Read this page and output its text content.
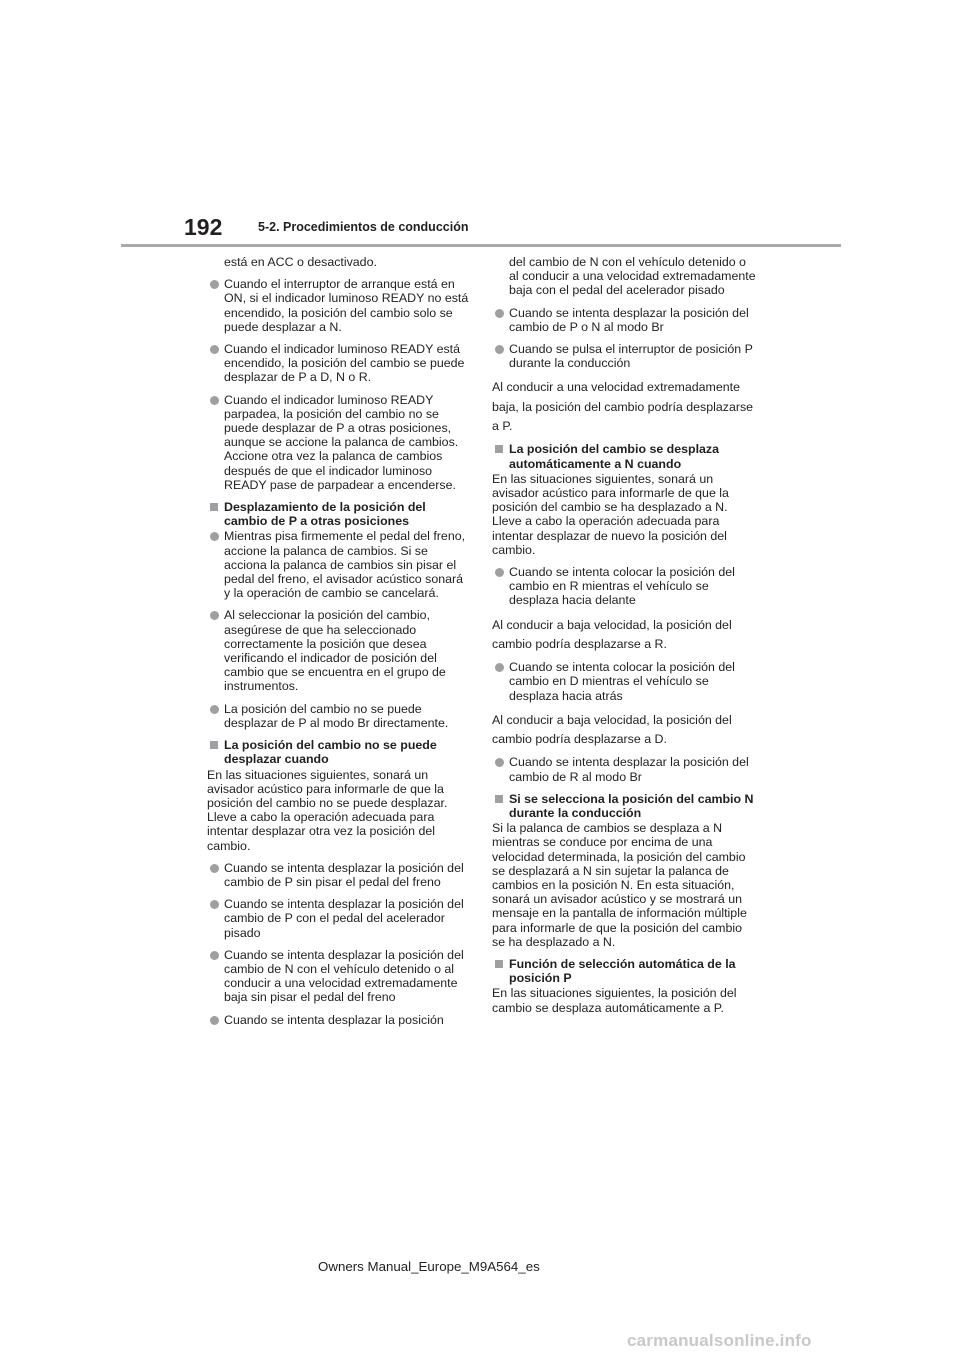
192	5-2. Procedimientos de conducción
está en ACC o desactivado.
Cuando el interruptor de arranque está en ON, si el indicador luminoso READY no está encendido, la posición del cambio solo se puede desplazar a N.
Cuando el indicador luminoso READY está encendido, la posición del cambio se puede desplazar de P a D, N o R.
Cuando el indicador luminoso READY parpadea, la posición del cambio no se puede desplazar de P a otras posiciones, aunque se accione la palanca de cambios. Accione otra vez la palanca de cambios después de que el indicador luminoso READY pase de parpadear a encenderse.
Desplazamiento de la posición del cambio de P a otras posiciones
Mientras pisa firmemente el pedal del freno, accione la palanca de cambios. Si se acciona la palanca de cambios sin pisar el pedal del freno, el avisador acústico sonará y la operación de cambio se cancelará.
Al seleccionar la posición del cambio, asegúrese de que ha seleccionado correctamente la posición que desea verificando el indicador de posición del cambio que se encuentra en el grupo de instrumentos.
La posición del cambio no se puede desplazar de P al modo Br directamente.
La posición del cambio no se puede desplazar cuando
En las situaciones siguientes, sonará un avisador acústico para informarle de que la posición del cambio no se puede desplazar. Lleve a cabo la operación adecuada para intentar desplazar otra vez la posición del cambio.
Cuando se intenta desplazar la posición del cambio de P sin pisar el pedal del freno
Cuando se intenta desplazar la posición del cambio de P con el pedal del acelerador pisado
Cuando se intenta desplazar la posición del cambio de N con el vehículo detenido o al conducir a una velocidad extremadamente baja sin pisar el pedal del freno
Cuando se intenta desplazar la posición
del cambio de N con el vehículo detenido o al conducir a una velocidad extremadamente baja con el pedal del acelerador pisado
Cuando se intenta desplazar la posición del cambio de P o N al modo Br
Cuando se pulsa el interruptor de posición P durante la conducción
Al conducir a una velocidad extremadamente baja, la posición del cambio podría desplazarse a P.
La posición del cambio se desplaza automáticamente a N cuando
En las situaciones siguientes, sonará un avisador acústico para informarle de que la posición del cambio se ha desplazado a N. Lleve a cabo la operación adecuada para intentar desplazar de nuevo la posición del cambio.
Cuando se intenta colocar la posición del cambio en R mientras el vehículo se desplaza hacia delante
Al conducir a baja velocidad, la posición del cambio podría desplazarse a R.
Cuando se intenta colocar la posición del cambio en D mientras el vehículo se desplaza hacia atrás
Al conducir a baja velocidad, la posición del cambio podría desplazarse a D.
Cuando se intenta desplazar la posición del cambio de R al modo Br
Si se selecciona la posición del cambio N durante la conducción
Si la palanca de cambios se desplaza a N mientras se conduce por encima de una velocidad determinada, la posición del cambio se desplazará a N sin sujetar la palanca de cambios en la posición N. En esta situación, sonará un avisador acústico y se mostrará un mensaje en la pantalla de información múltiple para informarle de que la posición del cambio se ha desplazado a N.
Función de selección automática de la posición P
En las situaciones siguientes, la posición del cambio se desplaza automáticamente a P.
Owners Manual_Europe_M9A564_es
carmanualsonline.info
